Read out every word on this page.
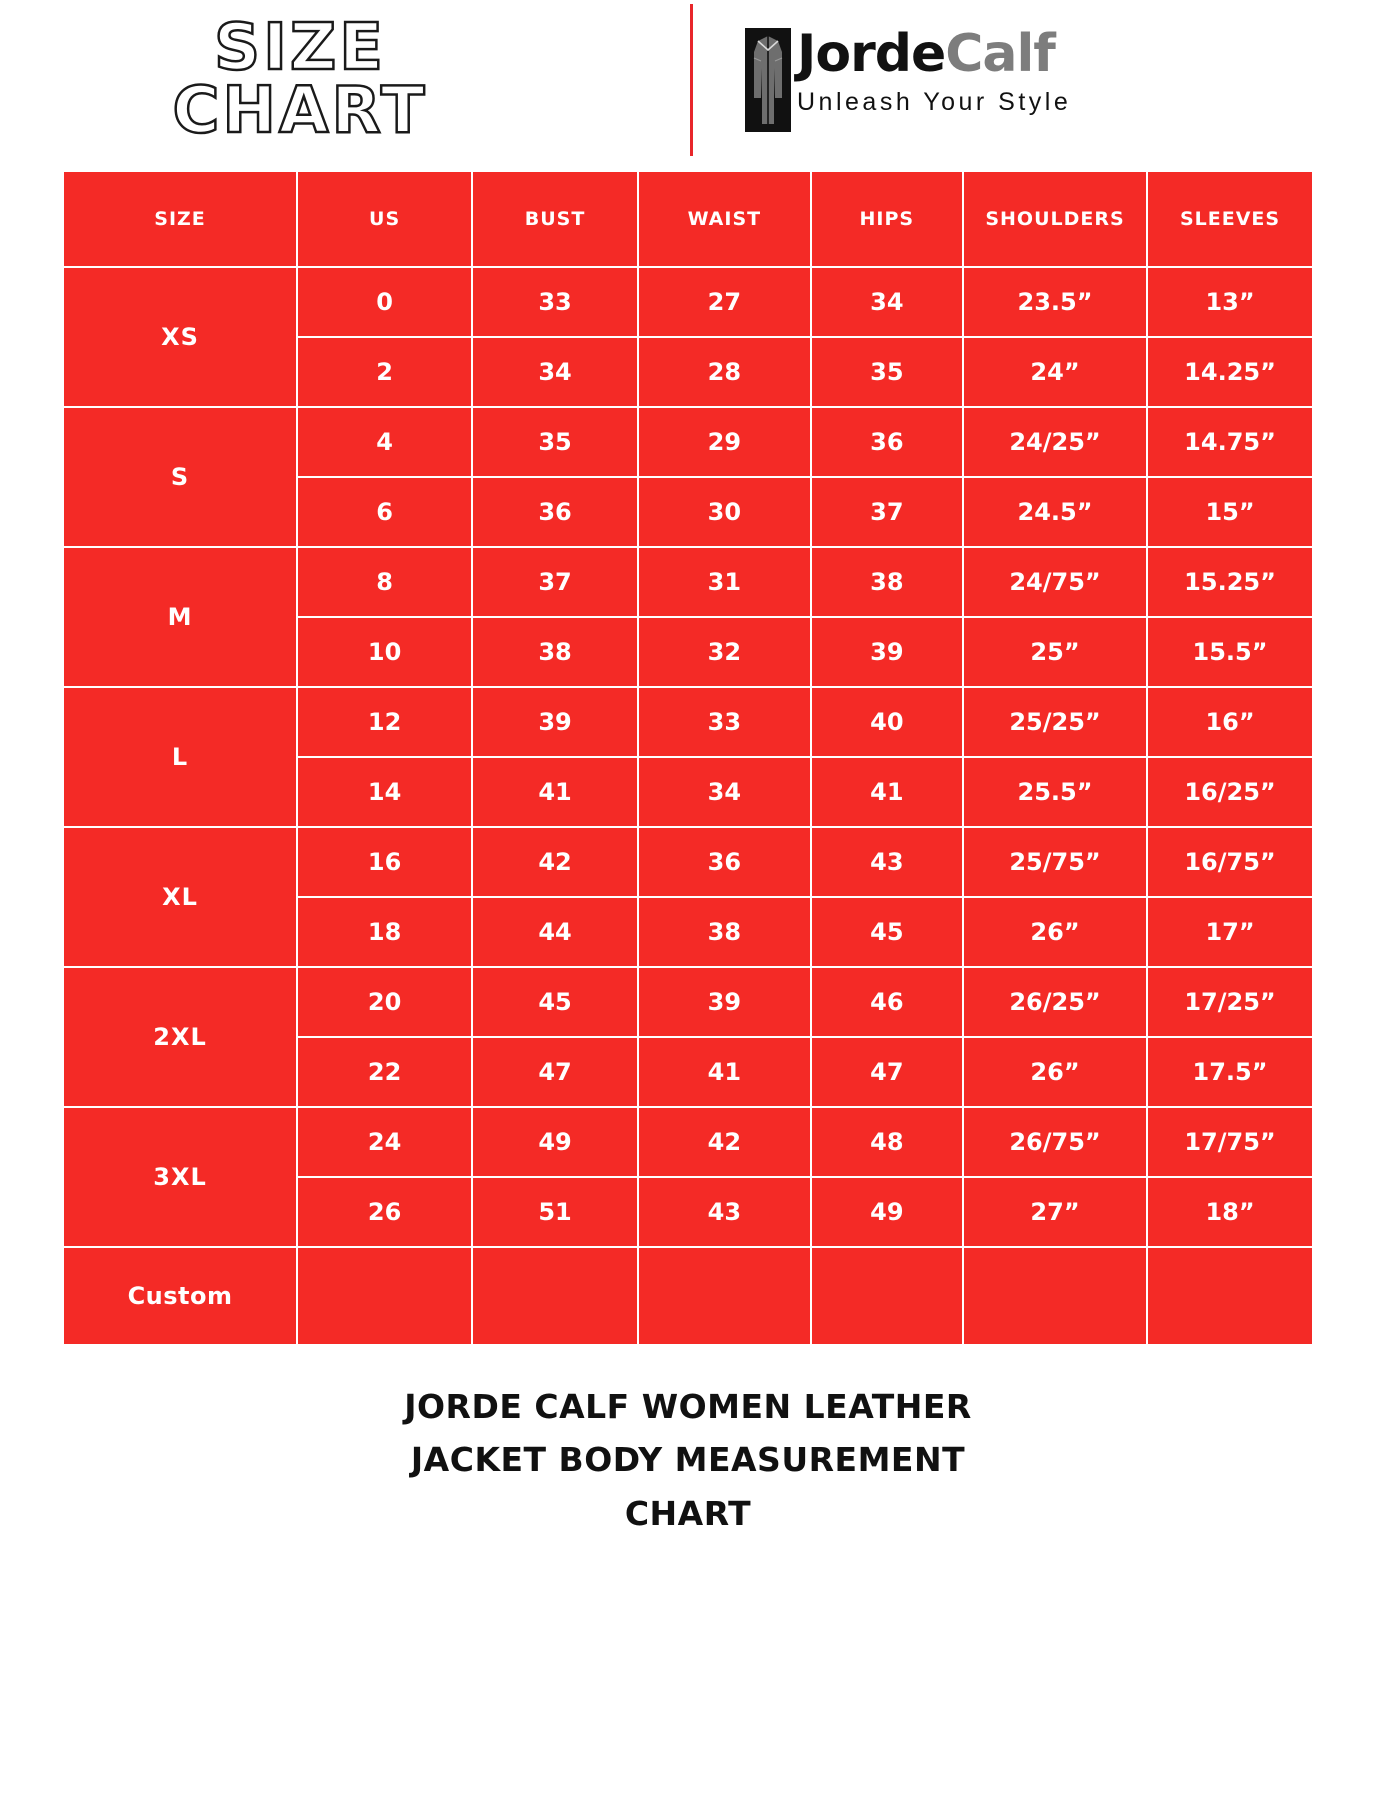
SIZE
CHART
JordeCalf
Unleash Your Style
SIZE	US	BUST	WAIST	HIPS	SHOULDERS	SLEEVES
XS	0	33	27	34	23.5”	13”
	2	34	28	35	24”	14.25”
S	4	35	29	36	24/25”	14.75”
	6	36	30	37	24.5”	15”
M	8	37	31	38	24/75”	15.25”
	10	38	32	39	25”	15.5”
L	12	39	33	40	25/25”	16”
	14	41	34	41	25.5”	16/25”
XL	16	42	36	43	25/75”	16/75”
	18	44	38	45	26”	17”
2XL	20	45	39	46	26/25”	17/25”
	22	47	41	47	26”	17.5”
3XL	24	49	42	48	26/75”	17/75”
	26	51	43	49	27”	18”
Custom						
JORDE CALF WOMEN LEATHER
JACKET BODY MEASUREMENT
CHART
